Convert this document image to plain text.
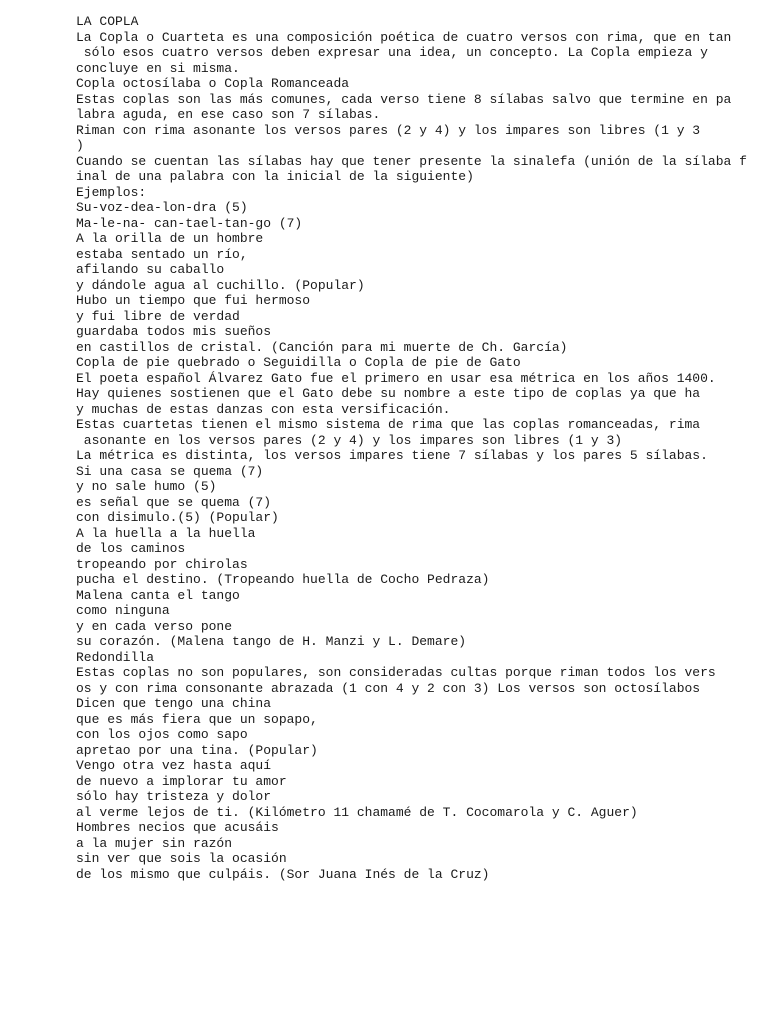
LA COPLA
La Copla o Cuarteta es una composición poética de cuatro versos con rima, que en tan
sólo esos cuatro versos deben expresar una idea, un concepto. La Copla empieza y
concluye en si misma.
Copla octosílaba o Copla Romanceada
Estas coplas son las más comunes, cada verso tiene 8 sílabas salvo que termine en pa
labra aguda, en ese caso son 7 sílabas.
Riman con rima asonante los versos pares (2 y 4) y los impares son libres (1 y 3
)
Cuando se cuentan las sílabas hay que tener presente la sinalefa (unión de la sílaba f
inal de una palabra con la inicial de la siguiente)
Ejemplos:
Su-voz-dea-lon-dra (5)
Ma-le-na- can-tael-tan-go (7)
A la orilla de un hombre
estaba sentado un río,
afilando su caballo
y dándole agua al cuchillo. (Popular)
Hubo un tiempo que fui hermoso
y fui libre de verdad
guardaba todos mis sueños
en castillos de cristal. (Canción para mi muerte de Ch. García)
Copla de pie quebrado o Seguidilla o Copla de pie de Gato
El poeta español Álvarez Gato fue el primero en usar esa métrica en los años 1400.
Hay quienes sostienen que el Gato debe su nombre a este tipo de coplas ya que ha
y muchas de estas danzas con esta versificación.
Estas cuartetas tienen el mismo sistema de rima que las coplas romanceadas, rima
asonante en los versos pares (2 y 4) y los impares son libres (1 y 3)
La métrica es distinta, los versos impares tiene 7 sílabas y los pares 5 sílabas.
Si una casa se quema (7)
y no sale humo (5)
es señal que se quema (7)
con disimulo.(5) (Popular)
A la huella a la huella
de los caminos
tropeando por chirolas
pucha el destino. (Tropeando huella de Cocho Pedraza)
Malena canta el tango
como ninguna
y en cada verso pone
su corazón. (Malena tango de H. Manzi y L. Demare)
Redondilla
Estas coplas no son populares, son consideradas cultas porque riman todos los vers
os y con rima consonante abrazada (1 con 4 y 2 con 3) Los versos son octosílabos
Dicen que tengo una china
que es más fiera que un sopapo,
con los ojos como sapo
apretao por una tina. (Popular)
Vengo otra vez hasta aquí
de nuevo a implorar tu amor
sólo hay tristeza y dolor
al verme lejos de ti. (Kilómetro 11 chamamé de T. Cocomarola y C. Aguer)
Hombres necios que acusáis
a la mujer sin razón
sin ver que sois la ocasión
de los mismo que culpáis. (Sor Juana Inés de la Cruz)
